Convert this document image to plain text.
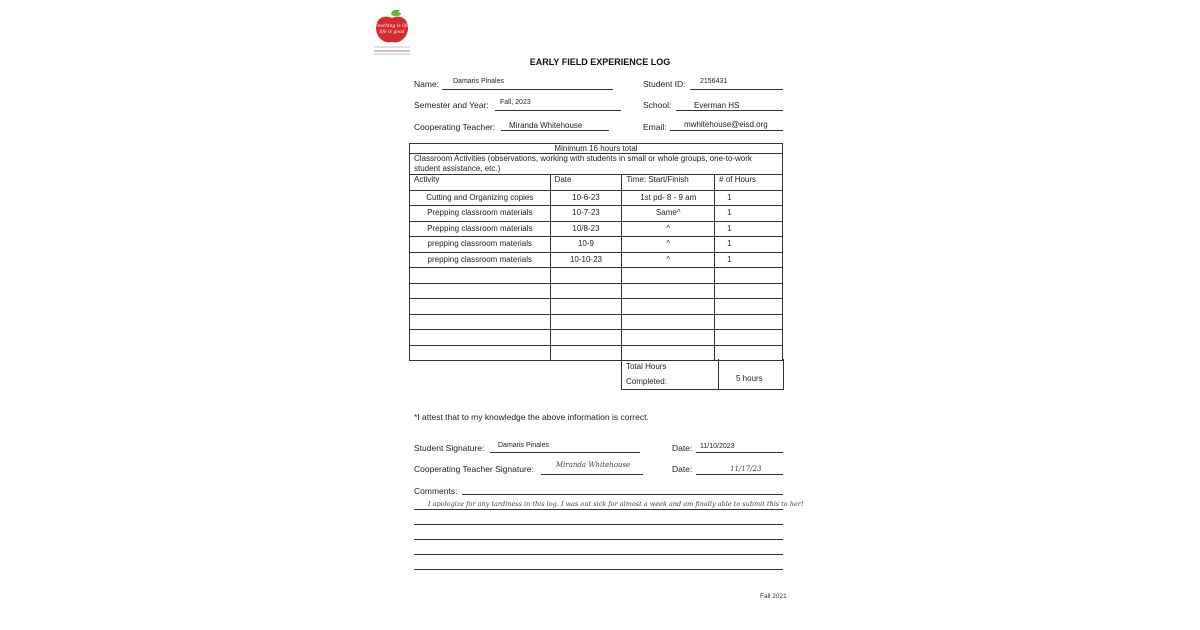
Teaching is life
life is good
EARLY FIELD EXPERIENCE LOG
Name: Damaris Pinales	Student ID: 2156431
Semester and Year: Fall, 2023	School:	Everman HS
Cooperating Teacher: Miranda Whitehouse	Email: mwhitehouse@eisd.org
Minimum 16 hours total			
Classroom Activities (observations, working with students in small or whole groups, one-to-work student assistance, etc.)			
Activity	Date	Time: Start/Finish	# of Hours
Cutting and Organizing copies	10-6-23	1st pd- 8 - 9 am	1
Prepping classroom materials	10-7-23	Same^	1
Prepping classroom materials	10/8-23	^	1
prepping classroom materials	10-9	^	1
prepping classroom materials	10-10-23	^	1

Total Hours
Completed:	5 hours
*I attest that to my knowledge the above information is correct.
Student Signature: Damaris Pinales	Date: 11/10/2023
Cooperating Teacher Signature:	Miranda Whitehouse	Date:	11/17/23
Comments:
I apologize for any tardiness in this log. I was out sick for almost a week and am finally able to submit this to her!
Fall 2021
